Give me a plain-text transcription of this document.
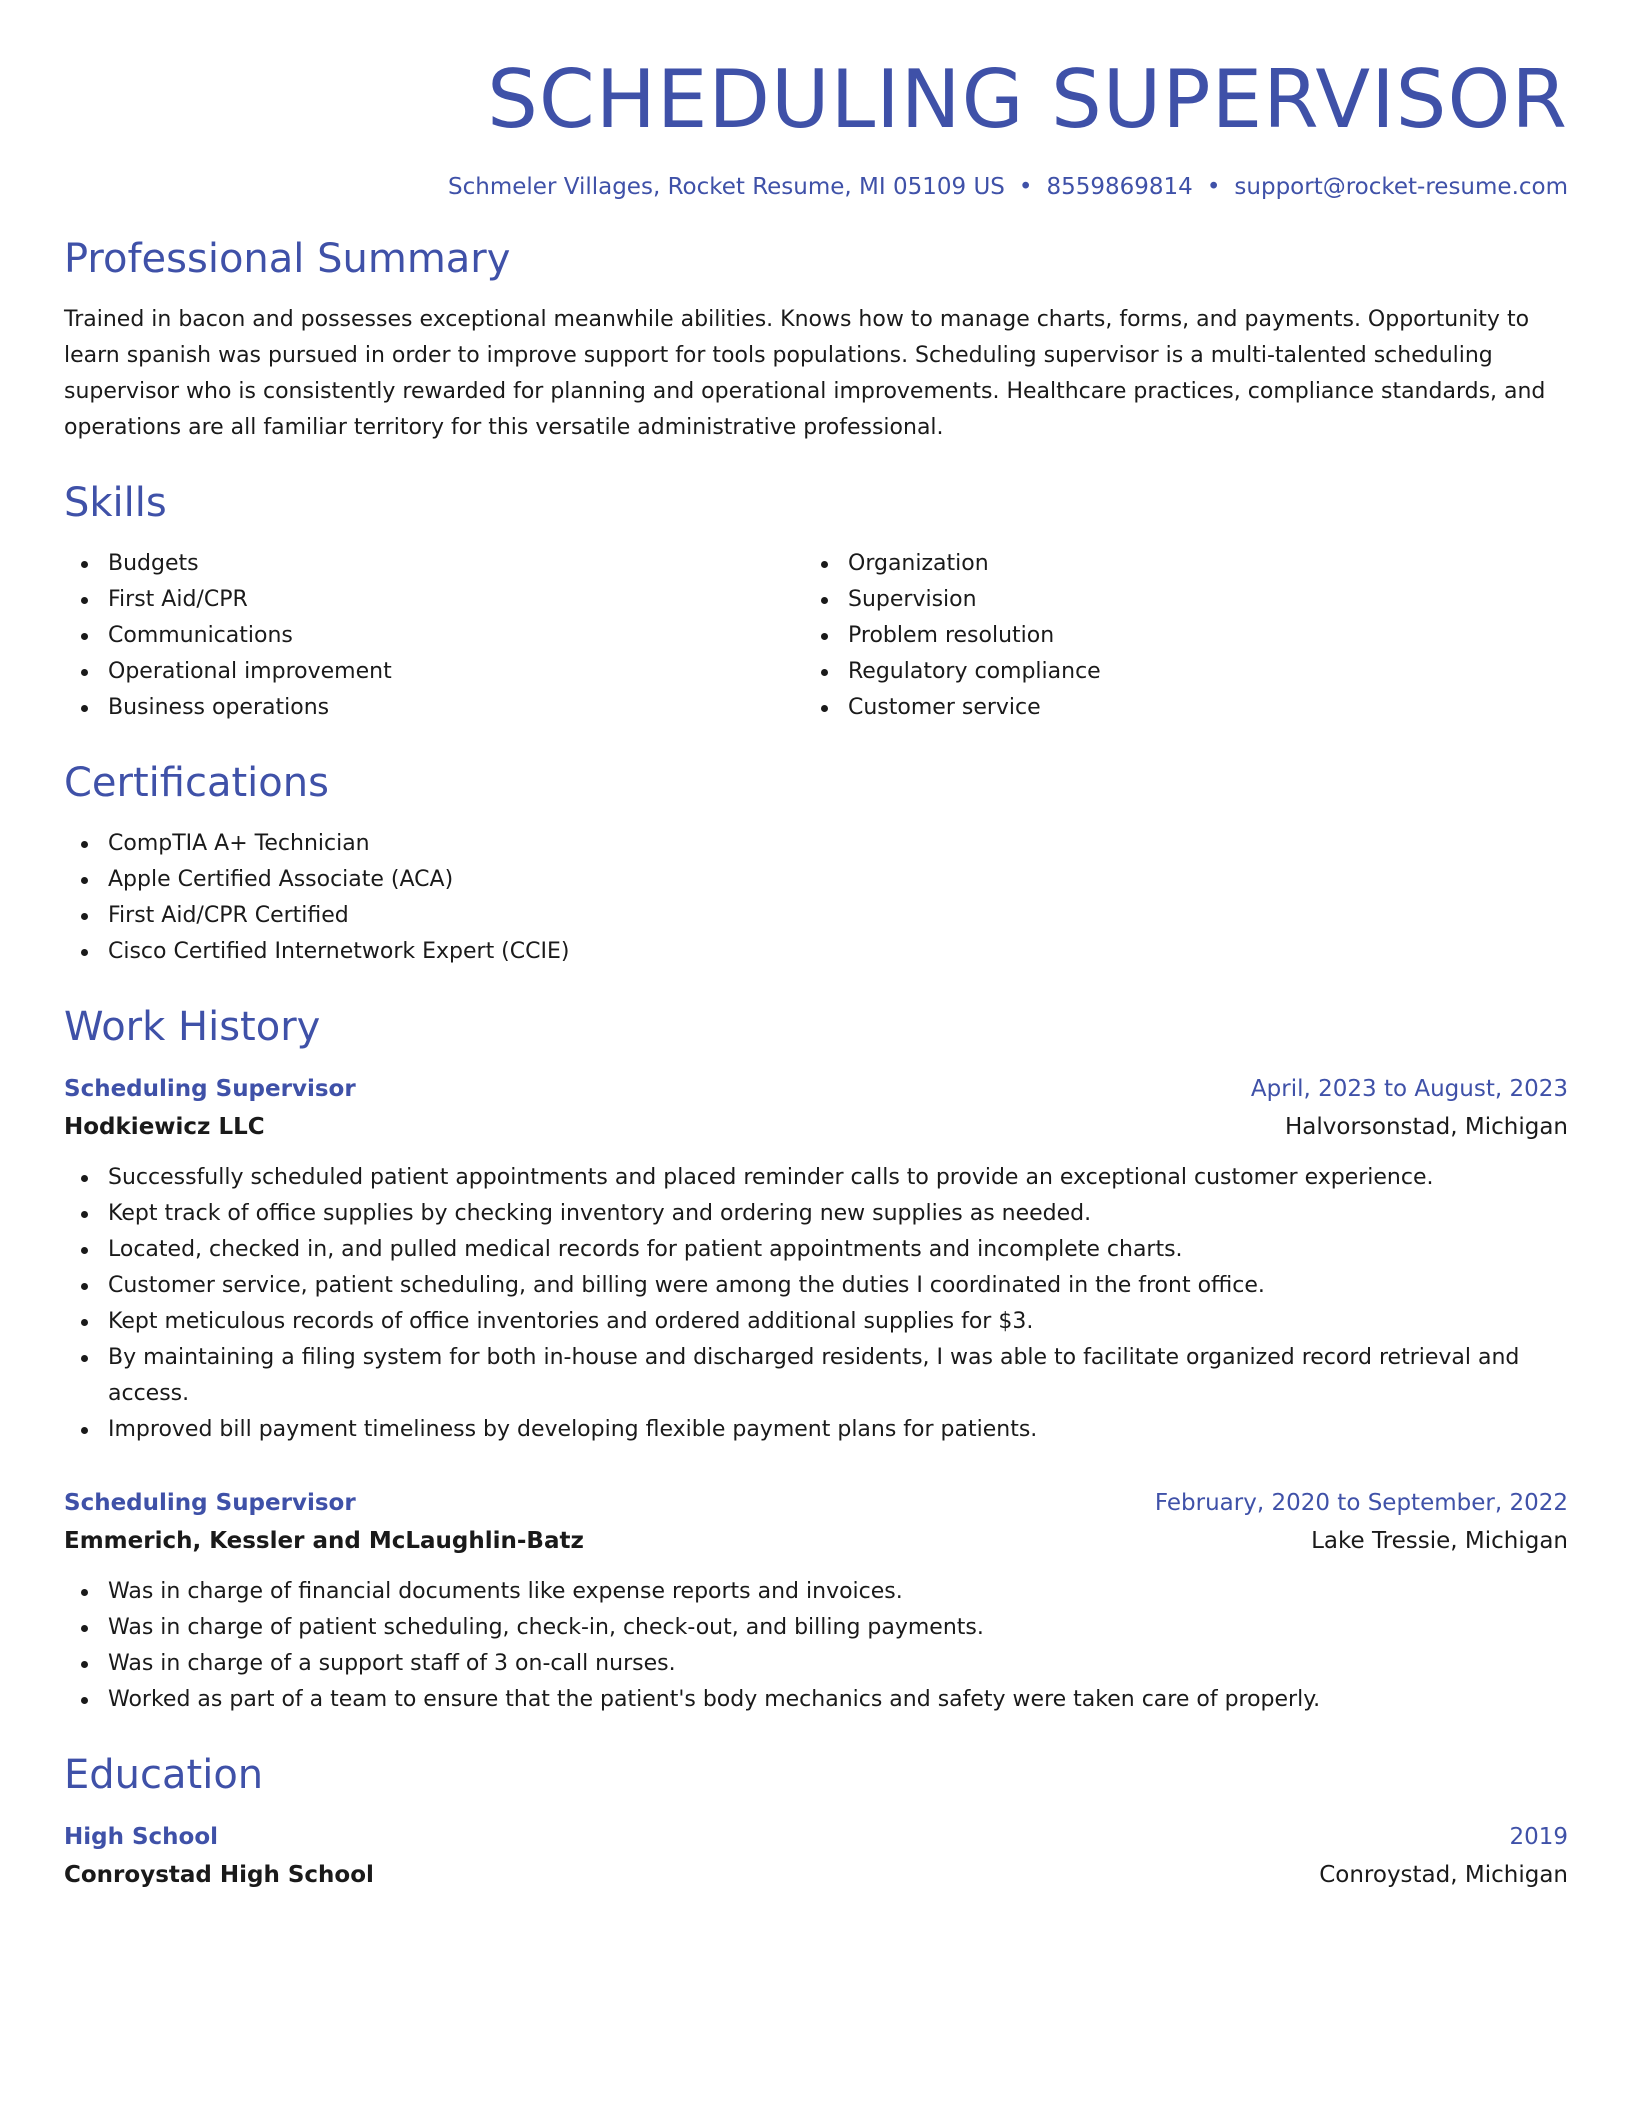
SCHEDULING SUPERVISOR
Schmeler Villages, Rocket Resume, MI 05109 US • 8559869814 • support@rocket-resume.com
Professional Summary

Trained in bacon and possesses exceptional meanwhile abilities. Knows how to manage charts, forms, and payments. Opportunity to learn spanish was pursued in order to improve support for tools populations. Scheduling supervisor is a multi-talented scheduling supervisor who is consistently rewarded for planning and operational improvements. Healthcare practices, compliance standards, and operations are all familiar territory for this versatile administrative professional.

Skills
Budgets
First Aid/CPR
Communications
Operational improvement
Business operations
Organization
Supervision
Problem resolution
Regulatory compliance
Customer service
Certifications
CompTIA A+ Technician
Apple Certified Associate (ACA)
First Aid/CPR Certified
Cisco Certified Internetwork Expert (CCIE)
Work History
Scheduling Supervisor	April, 2023 to August, 2023
Hodkiewicz LLC	Halvorsonstad, Michigan
Successfully scheduled patient appointments and placed reminder calls to provide an exceptional customer experience.
Kept track of office supplies by checking inventory and ordering new supplies as needed.
Located, checked in, and pulled medical records for patient appointments and incomplete charts.
Customer service, patient scheduling, and billing were among the duties I coordinated in the front office.
Kept meticulous records of office inventories and ordered additional supplies for $3.
By maintaining a filing system for both in-house and discharged residents, I was able to facilitate organized record retrieval and access.
Improved bill payment timeliness by developing flexible payment plans for patients.
Scheduling Supervisor	February, 2020 to September, 2022
Emmerich, Kessler and McLaughlin-Batz	Lake Tressie, Michigan
Was in charge of financial documents like expense reports and invoices.
Was in charge of patient scheduling, check-in, check-out, and billing payments.
Was in charge of a support staff of 3 on-call nurses.
Worked as part of a team to ensure that the patient's body mechanics and safety were taken care of properly.
Education
High School	2019
Conroystad High School	Conroystad, Michigan
